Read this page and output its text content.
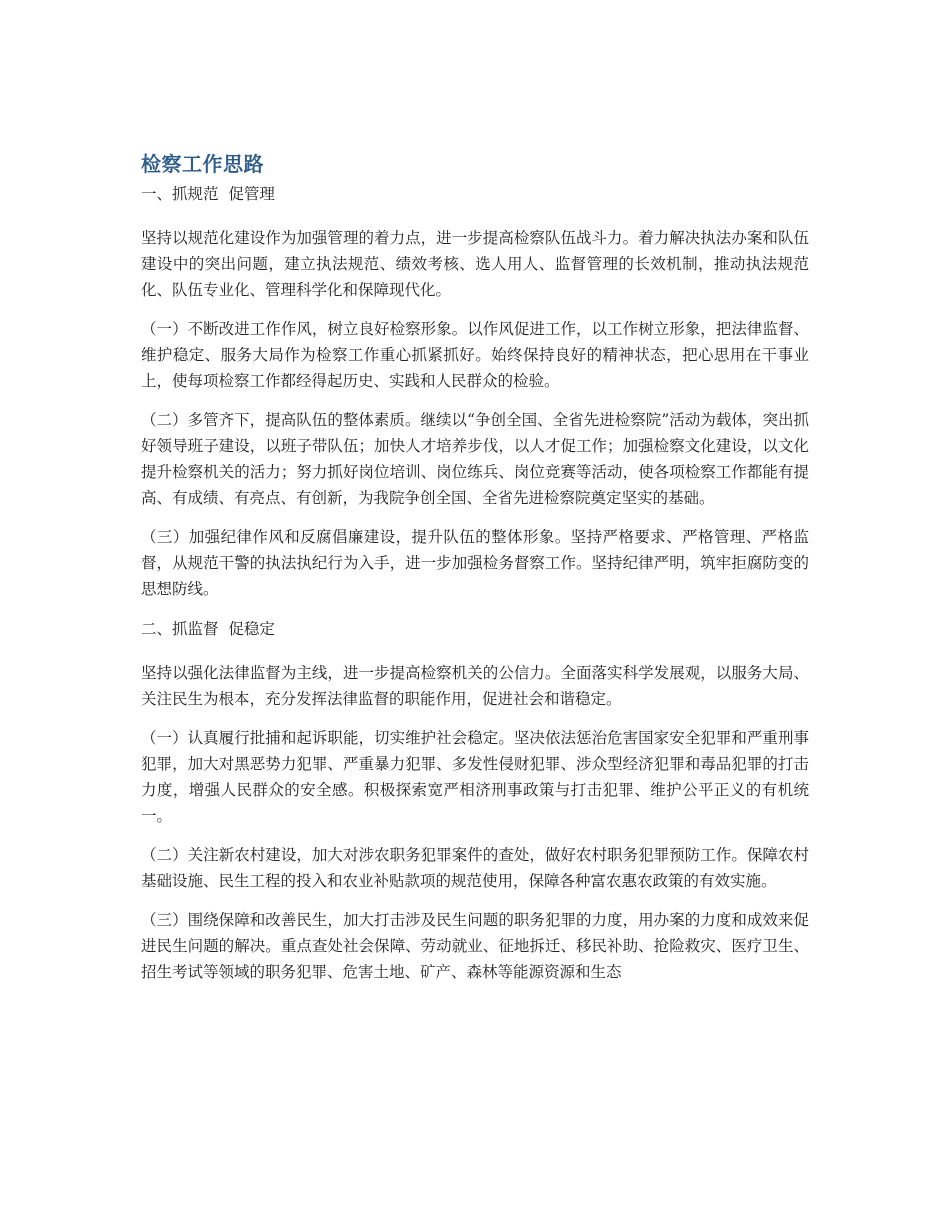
检察工作思路

一、抓规范  促管理

坚持以规范化建设作为加强管理的着力点，进一步提高检察队伍战斗力。着力解决执法办案和队伍建设中的突出问题，建立执法规范、绩效考核、选人用人、监督管理的长效机制，推动执法规范化、队伍专业化、管理科学化和保障现代化。

（一）不断改进工作作风，树立良好检察形象。以作风促进工作，以工作树立形象，把法律监督、维护稳定、服务大局作为检察工作重心抓紧抓好。始终保持良好的精神状态，把心思用在干事业上，使每项检察工作都经得起历史、实践和人民群众的检验。

（二）多管齐下，提高队伍的整体素质。继续以“争创全国、全省先进检察院”活动为载体，突出抓好领导班子建设，以班子带队伍；加快人才培养步伐，以人才促工作；加强检察文化建设，以文化提升检察机关的活力；努力抓好岗位培训、岗位练兵、岗位竞赛等活动，使各项检察工作都能有提高、有成绩、有亮点、有创新，为我院争创全国、全省先进检察院奠定坚实的基础。

（三）加强纪律作风和反腐倡廉建设，提升队伍的整体形象。坚持严格要求、严格管理、严格监督，从规范干警的执法执纪行为入手，进一步加强检务督察工作。坚持纪律严明，筑牢拒腐防变的思想防线。

二、抓监督  促稳定

坚持以强化法律监督为主线，进一步提高检察机关的公信力。全面落实科学发展观，以服务大局、关注民生为根本，充分发挥法律监督的职能作用，促进社会和谐稳定。

（一）认真履行批捕和起诉职能，切实维护社会稳定。坚决依法惩治危害国家安全犯罪和严重刑事犯罪，加大对黑恶势力犯罪、严重暴力犯罪、多发性侵财犯罪、涉众型经济犯罪和毒品犯罪的打击力度，增强人民群众的安全感。积极探索宽严相济刑事政策与打击犯罪、维护公平正义的有机统一。

（二）关注新农村建设，加大对涉农职务犯罪案件的查处，做好农村职务犯罪预防工作。保障农村基础设施、民生工程的投入和农业补贴款项的规范使用，保障各种富农惠农政策的有效实施。

（三）围绕保障和改善民生，加大打击涉及民生问题的职务犯罪的力度，用办案的力度和成效来促进民生问题的解决。重点查处社会保障、劳动就业、征地拆迁、移民补助、抢险救灾、医疗卫生、招生考试等领域的职务犯罪、危害土地、矿产、森林等能源资源和生态
